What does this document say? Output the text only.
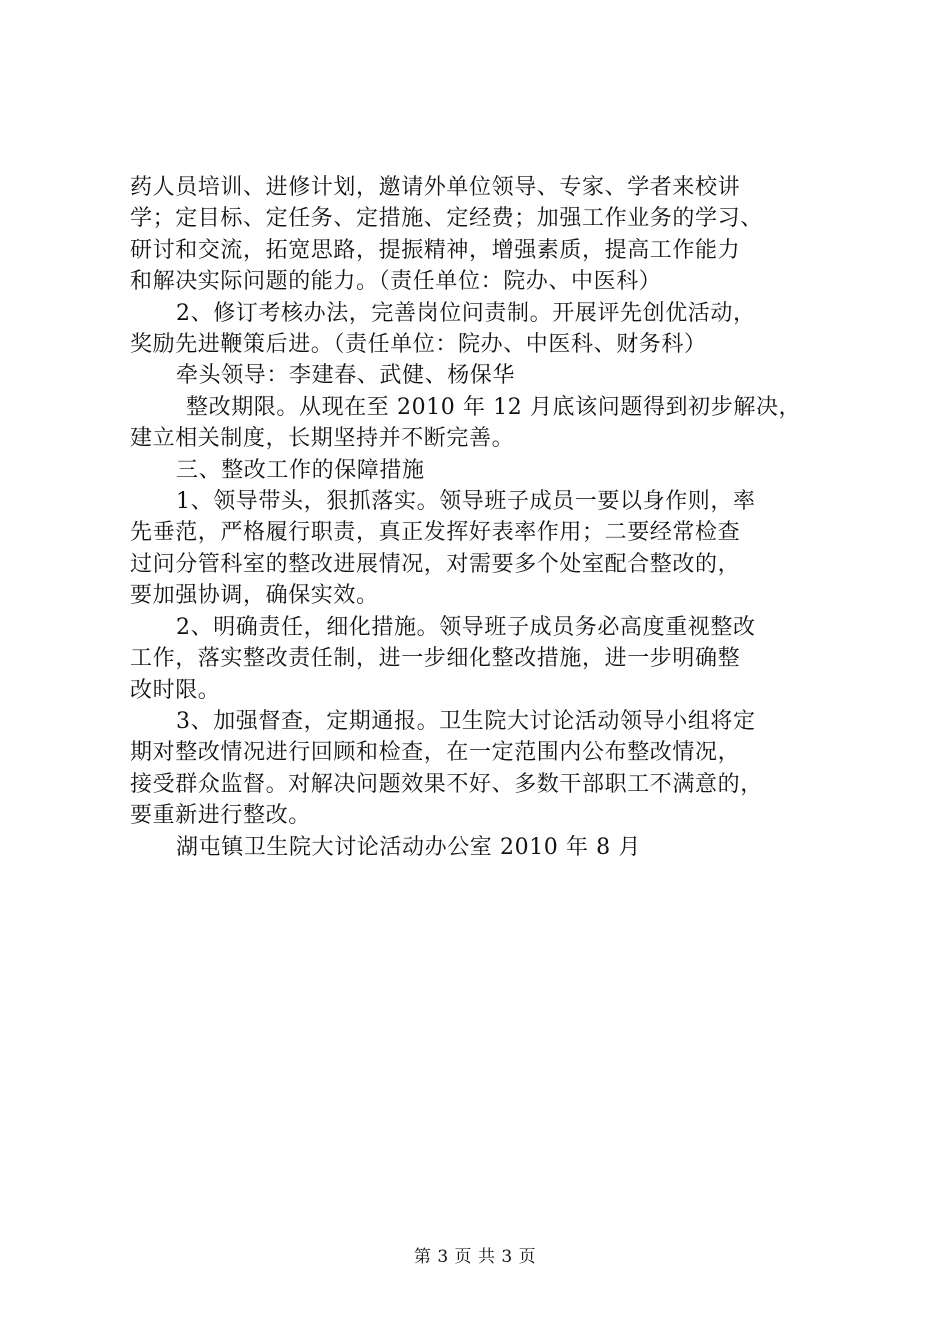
药人员培训、进修计划，邀请外单位领导、专家、学者来校讲

学；定目标、定任务、定措施、定经费；加强工作业务的学习、

研讨和交流，拓宽思路，提振精神，增强素质，提高工作能力

和解决实际问题的能力。（责任单位：院办、中医科）

2、修订考核办法，完善岗位问责制。开展评先创优活动，

奖励先进鞭策后进。（责任单位：院办、中医科、财务科）

牵头领导：李建春、武健、杨保华

整改期限。从现在至 2010 年 12 月底该问题得到初步解决，

建立相关制度，长期坚持并不断完善。

三、整改工作的保障措施

1、领导带头，狠抓落实。领导班子成员一要以身作则，率

先垂范，严格履行职责，真正发挥好表率作用；二要经常检查

过问分管科室的整改进展情况，对需要多个处室配合整改的，

要加强协调，确保实效。

2、明确责任，细化措施。领导班子成员务必高度重视整改

工作，落实整改责任制，进一步细化整改措施，进一步明确整

改时限。

3、加强督查，定期通报。卫生院大讨论活动领导小组将定

期对整改情况进行回顾和检查，在一定范围内公布整改情况，

接受群众监督。对解决问题效果不好、多数干部职工不满意的，

要重新进行整改。

湖屯镇卫生院大讨论活动办公室 2010 年 8 月

第 3 页 共 3 页
